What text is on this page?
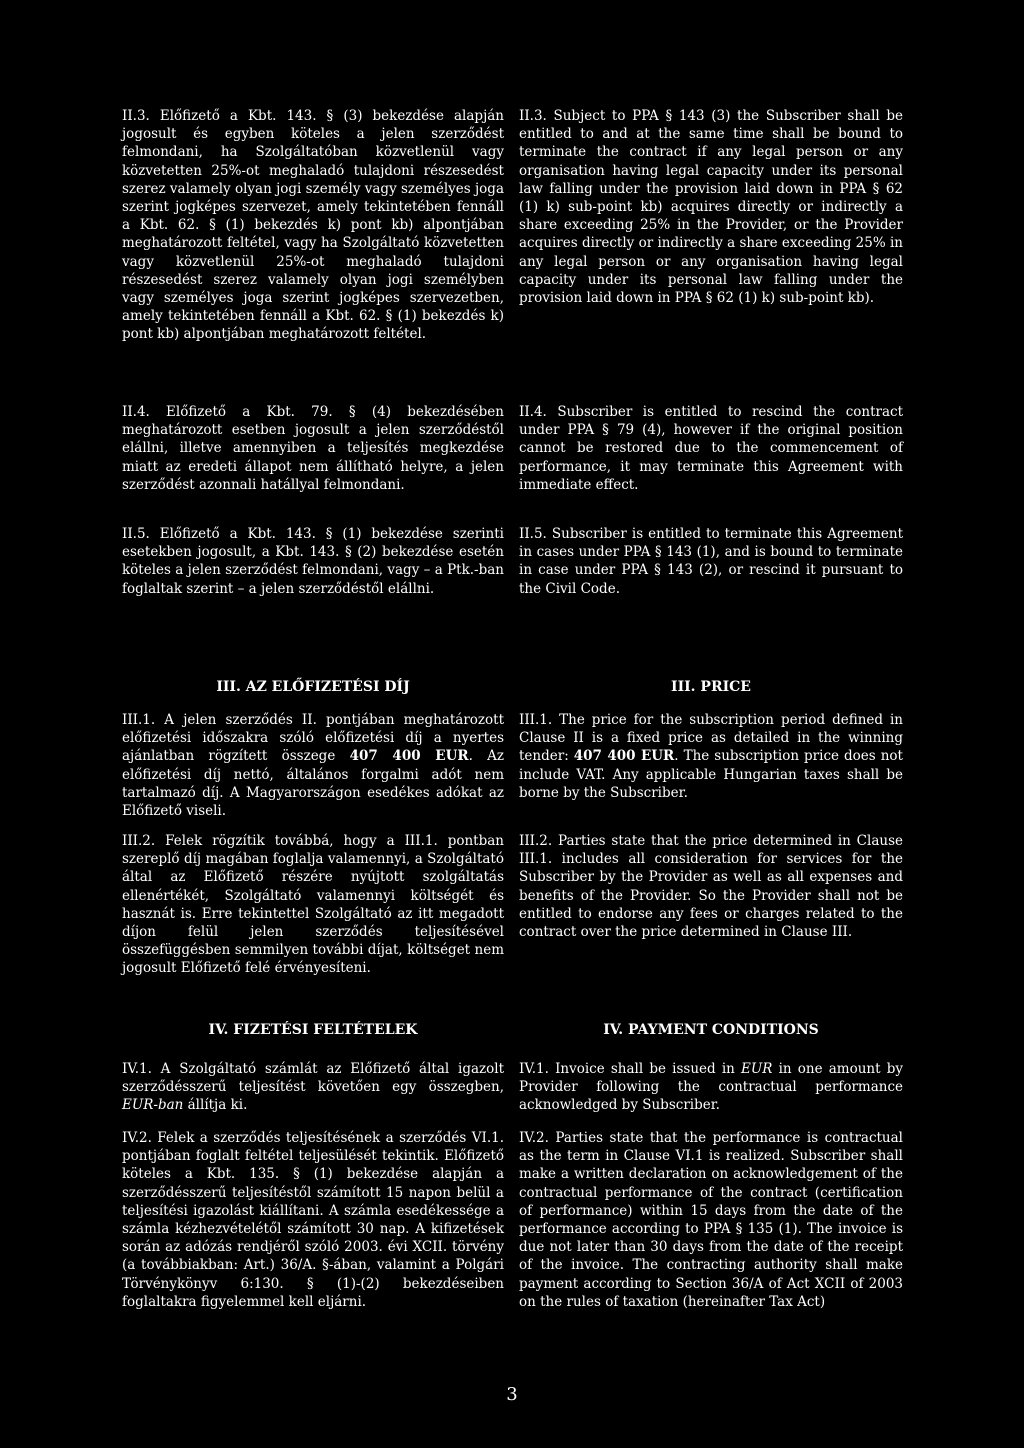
II.3. Előfizető a Kbt. 143. § (3) bekezdése alapján jogosult és egyben köteles a jelen szerződést felmondani, ha Szolgáltatóban közvetlenül vagy közvetetten 25%-ot meghaladó tulajdoni részesedést szerez valamely olyan jogi személy vagy személyes joga szerint jogképes szervezet, amely tekintetében fennáll a Kbt. 62. § (1) bekezdés k) pont kb) alpontjában meghatározott feltétel, vagy ha Szolgáltató közvetetten vagy közvetlenül 25%-ot meghaladó tulajdoni részesedést szerez valamely olyan jogi személyben vagy személyes joga szerint jogképes szervezetben, amely tekintetében fennáll a Kbt. 62. § (1) bekezdés k) pont kb) alpontjában meghatározott feltétel.

II.4. Előfizető a Kbt. 79. § (4) bekezdésében meghatározott esetben jogosult a jelen szerződéstől elállni, illetve amennyiben a teljesítés megkezdése miatt az eredeti állapot nem állítható helyre, a jelen szerződést azonnali hatállyal felmondani.

II.5. Előfizető a Kbt. 143. § (1) bekezdése szerinti esetekben jogosult, a Kbt. 143. § (2) bekezdése esetén köteles a jelen szerződést felmondani, vagy – a Ptk.-ban foglaltak szerint – a jelen szerződéstől elállni.

III. AZ ELŐFIZETÉSI DÍJ

III.1. A jelen szerződés II. pontjában meghatározott előfizetési időszakra szóló előfizetési díj a nyertes ajánlatban rögzített összege 407 400 EUR. Az előfizetési díj nettó, általános forgalmi adót nem tartalmazó díj. A Magyarországon esedékes adókat az Előfizető viseli.

III.2. Felek rögzítik továbbá, hogy a III.1. pontban szereplő díj magában foglalja valamennyi, a Szolgáltató által az Előfizető részére nyújtott szolgáltatás ellenértékét, Szolgáltató valamennyi költségét és hasznát is. Erre tekintettel Szolgáltató az itt megadott díjon felül jelen szerződés teljesítésével összefüggésben semmilyen további díjat, költséget nem jogosult Előfizető felé érvényesíteni.

IV. FIZETÉSI FELTÉTELEK

IV.1. A Szolgáltató számlát az Előfizető által igazolt szerződésszerű teljesítést követően egy összegben, EUR-ban állítja ki.

IV.2. Felek a szerződés teljesítésének a szerződés VI.1. pontjában foglalt feltétel teljesülését tekintik. Előfizető köteles a Kbt. 135. § (1) bekezdése alapján a szerződésszerű teljesítéstől számított 15 napon belül a teljesítési igazolást kiállítani. A számla esedékessége a számla kézhezvételétől számított 30 nap. A kifizetések során az adózás rendjéről szóló 2003. évi XCII. törvény (a továbbiakban: Art.) 36/A. §-ában, valamint a Polgári Törvénykönyv 6:130. § (1)-(2) bekezdéseiben foglaltakra figyelemmel kell eljárni.

II.3. Subject to PPA § 143 (3) the Subscriber shall be entitled to and at the same time shall be bound to terminate the contract if any legal person or any organisation having legal capacity under its personal law falling under the provision laid down in PPA § 62 (1) k) sub-point kb) acquires directly or indirectly a share exceeding 25% in the Provider, or the Provider acquires directly or indirectly a share exceeding 25% in any legal person or any organisation having legal capacity under its personal law falling under the provision laid down in PPA § 62 (1) k) sub-point kb).

II.4. Subscriber is entitled to rescind the contract under PPA § 79 (4), however if the original position cannot be restored due to the commencement of performance, it may terminate this Agreement with immediate effect.

II.5. Subscriber is entitled to terminate this Agreement in cases under PPA § 143 (1), and is bound to terminate in case under PPA § 143 (2), or rescind it pursuant to the Civil Code.

III. PRICE

III.1. The price for the subscription period defined in Clause II is a fixed price as detailed in the winning tender: 407 400 EUR. The subscription price does not include VAT. Any applicable Hungarian taxes shall be borne by the Subscriber.

III.2. Parties state that the price determined in Clause III.1. includes all consideration for services for the Subscriber by the Provider as well as all expenses and benefits of the Provider. So the Provider shall not be entitled to endorse any fees or charges related to the contract over the price determined in Clause III.

IV. PAYMENT CONDITIONS

IV.1. Invoice shall be issued in EUR in one amount by Provider following the contractual performance acknowledged by Subscriber.

IV.2. Parties state that the performance is contractual as the term in Clause VI.1 is realized. Subscriber shall make a written declaration on acknowledgement of the contractual performance of the contract (certification of performance) within 15 days from the date of the performance according to PPA § 135 (1). The invoice is due not later than 30 days from the date of the receipt of the invoice. The contracting authority shall make payment according to Section 36/A of Act XCII of 2003 on the rules of taxation (hereinafter Tax Act)

3
